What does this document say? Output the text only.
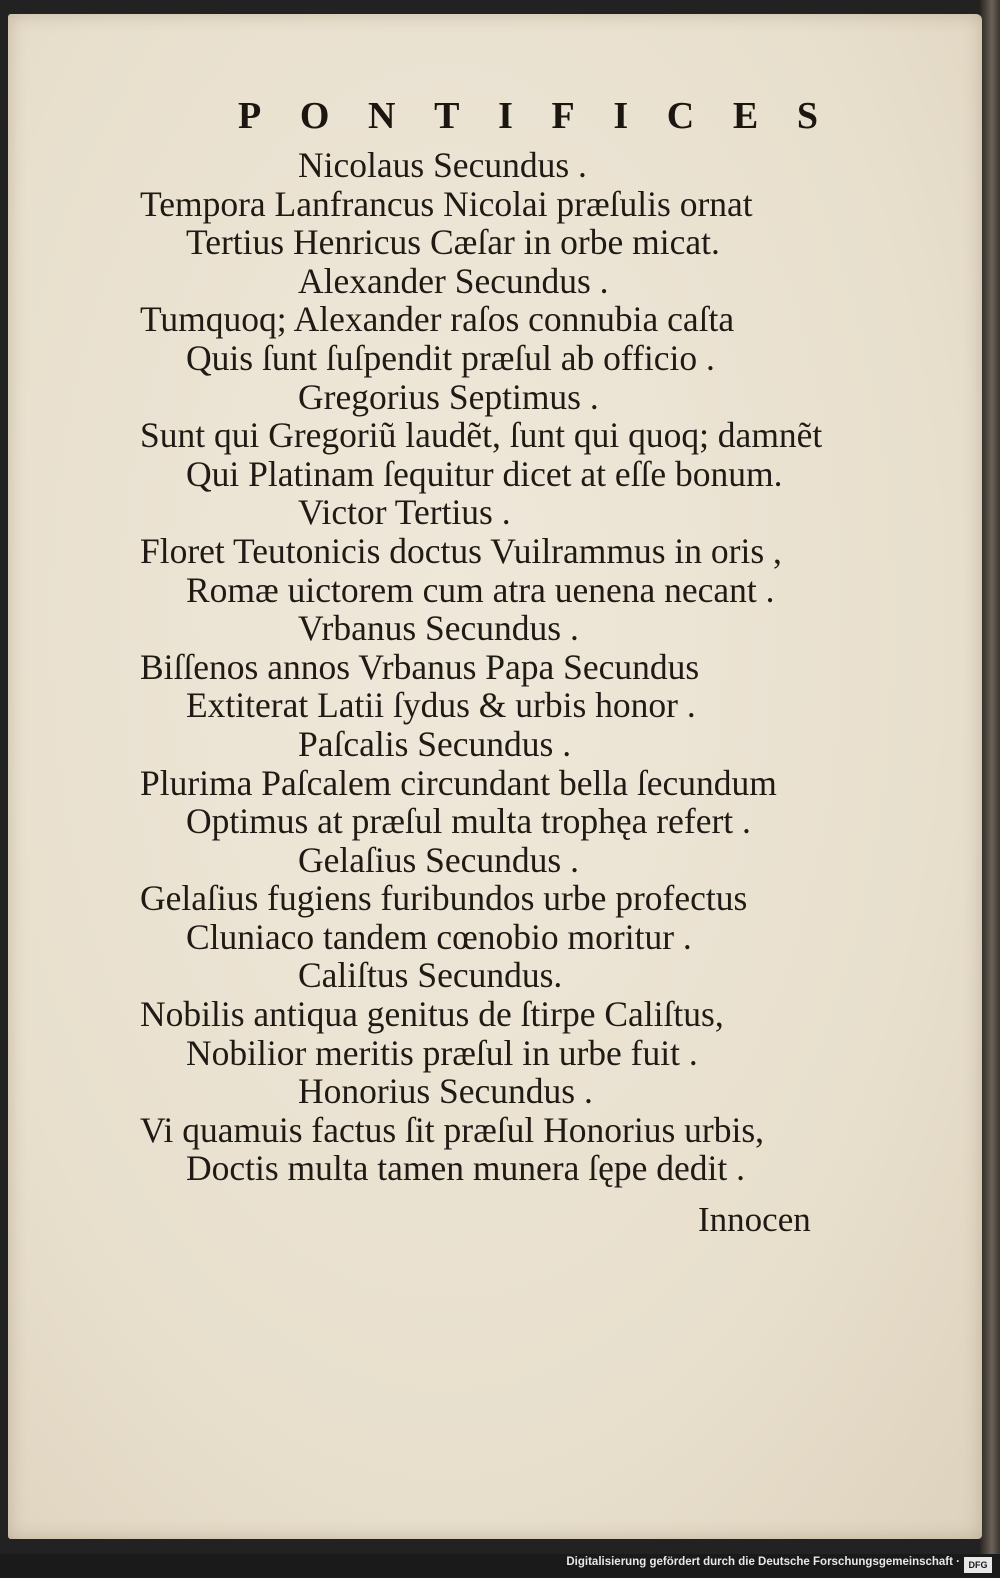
P O N T I F I C E S
Nicolaus Secundus .
Tempora Lanfrancus Nicolai præſulis ornat
Tertius Henricus Cæſar in orbe micat.
Alexander Secundus .
Tumquoq; Alexander raſos connubia caſta
Quis ſunt ſuſpendit præſul ab officio .
Gregorius Septimus .
Sunt qui Gregoriũ laudẽt, ſunt qui quoq; damnẽt
Qui Platinam ſequitur dicet at eſſe bonum.
Victor Tertius .
Floret Teutonicis doctus Vuilrammus in oris ,
Romæ uictorem cum atra uenena necant .
Vrbanus Secundus .
Biſſenos annos Vrbanus Papa Secundus
Extiterat Latii ſydus & urbis honor .
Paſcalis Secundus .
Plurima Paſcalem circundant bella ſecundum
Optimus at præſul multa trophęa refert .
Gelaſius Secundus .
Gelaſius fugiens furibundos urbe profectus
Cluniaco tandem cœnobio moritur .
Caliſtus Secundus.
Nobilis antiqua genitus de ſtirpe Caliſtus,
Nobilior meritis præſul in urbe fuit .
Honorius Secundus .
Vi quamuis factus ſit præſul Honorius urbis,
Doctis multa tamen munera ſępe dedit .
Innocen
Digitalisierung gefördert durch die Deutsche Forschungsgemeinschaft · DFG
